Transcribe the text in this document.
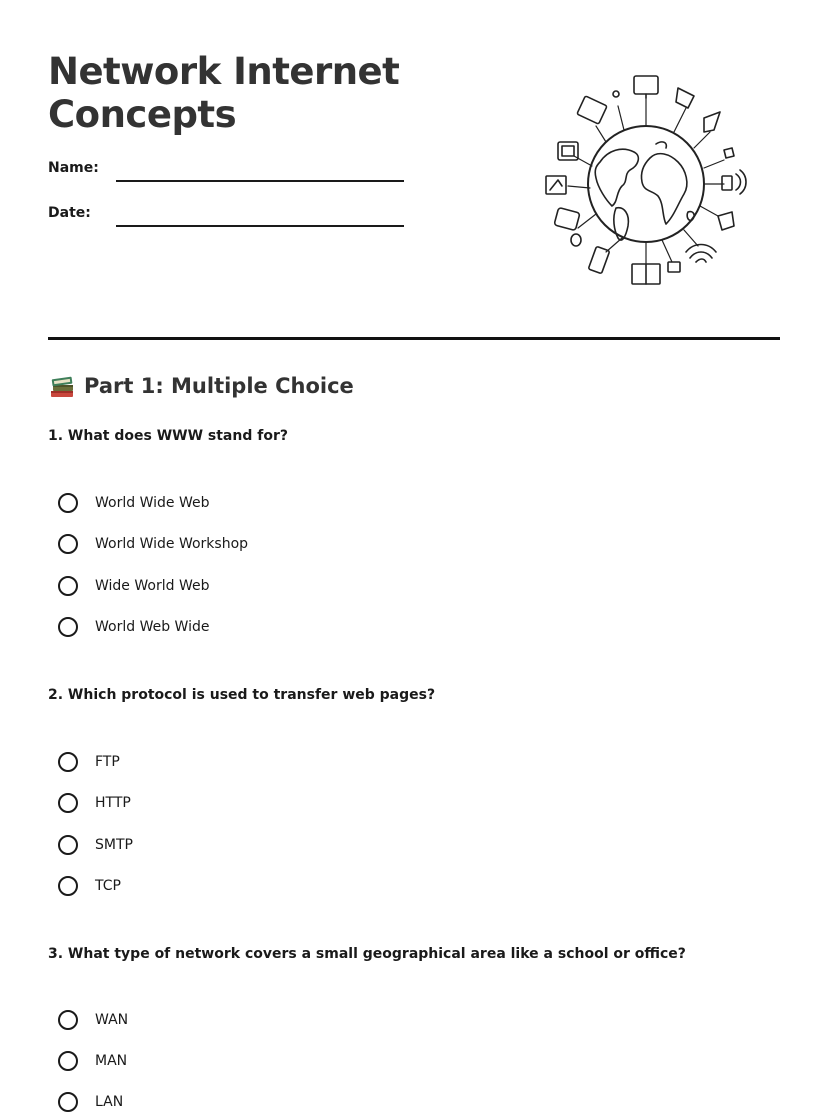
Network Internet Concepts
Name:
Date:
Part 1: Multiple Choice

1. What does WWW stand for?

World Wide Web
World Wide Workshop
Wide World Web
World Web Wide

2. Which protocol is used to transfer web pages?

FTP
HTTP
SMTP
TCP

3. What type of network covers a small geographical area like a school or office?

WAN
MAN
LAN
